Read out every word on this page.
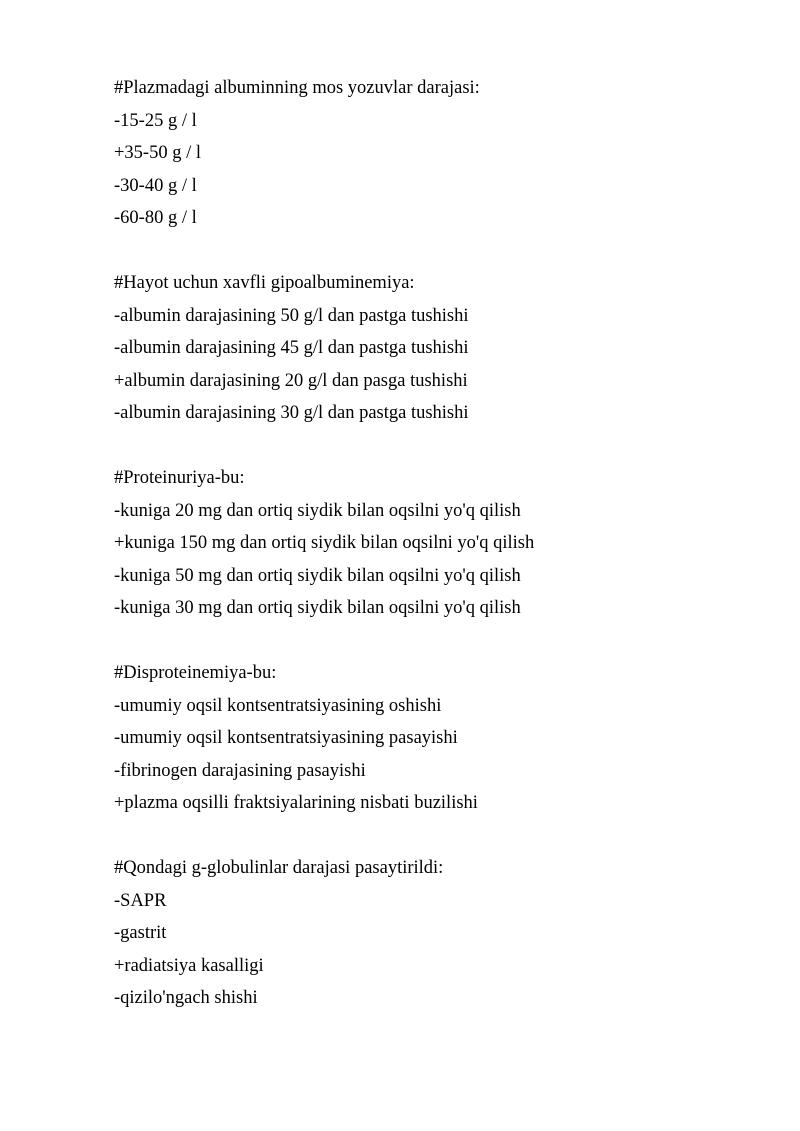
#Plazmadagi albuminning mos yozuvlar darajasi:
-15-25 g / l
+35-50 g / l
-30-40 g / l
-60-80 g / l
#Hayot uchun xavfli gipoalbuminemiya:
-albumin darajasining 50 g/l dan pastga tushishi
-albumin darajasining 45 g/l dan pastga tushishi
+albumin darajasining 20 g/l dan pasga tushishi
-albumin darajasining 30 g/l dan pastga tushishi
#Proteinuriya-bu:
-kuniga 20 mg dan ortiq siydik bilan oqsilni yo'q qilish
+kuniga 150 mg dan ortiq siydik bilan oqsilni yo'q qilish
-kuniga 50 mg dan ortiq siydik bilan oqsilni yo'q qilish
-kuniga 30 mg dan ortiq siydik bilan oqsilni yo'q qilish
#Disproteinemiya-bu:
-umumiy oqsil kontsentratsiyasining oshishi
-umumiy oqsil kontsentratsiyasining pasayishi
-fibrinogen darajasining pasayishi
+plazma oqsilli fraktsiyalarining nisbati buzilishi
#Qondagi g-globulinlar darajasi pasaytirildi:
-SAPR
-gastrit
+radiatsiya kasalligi
-qizilo'ngach shishi
